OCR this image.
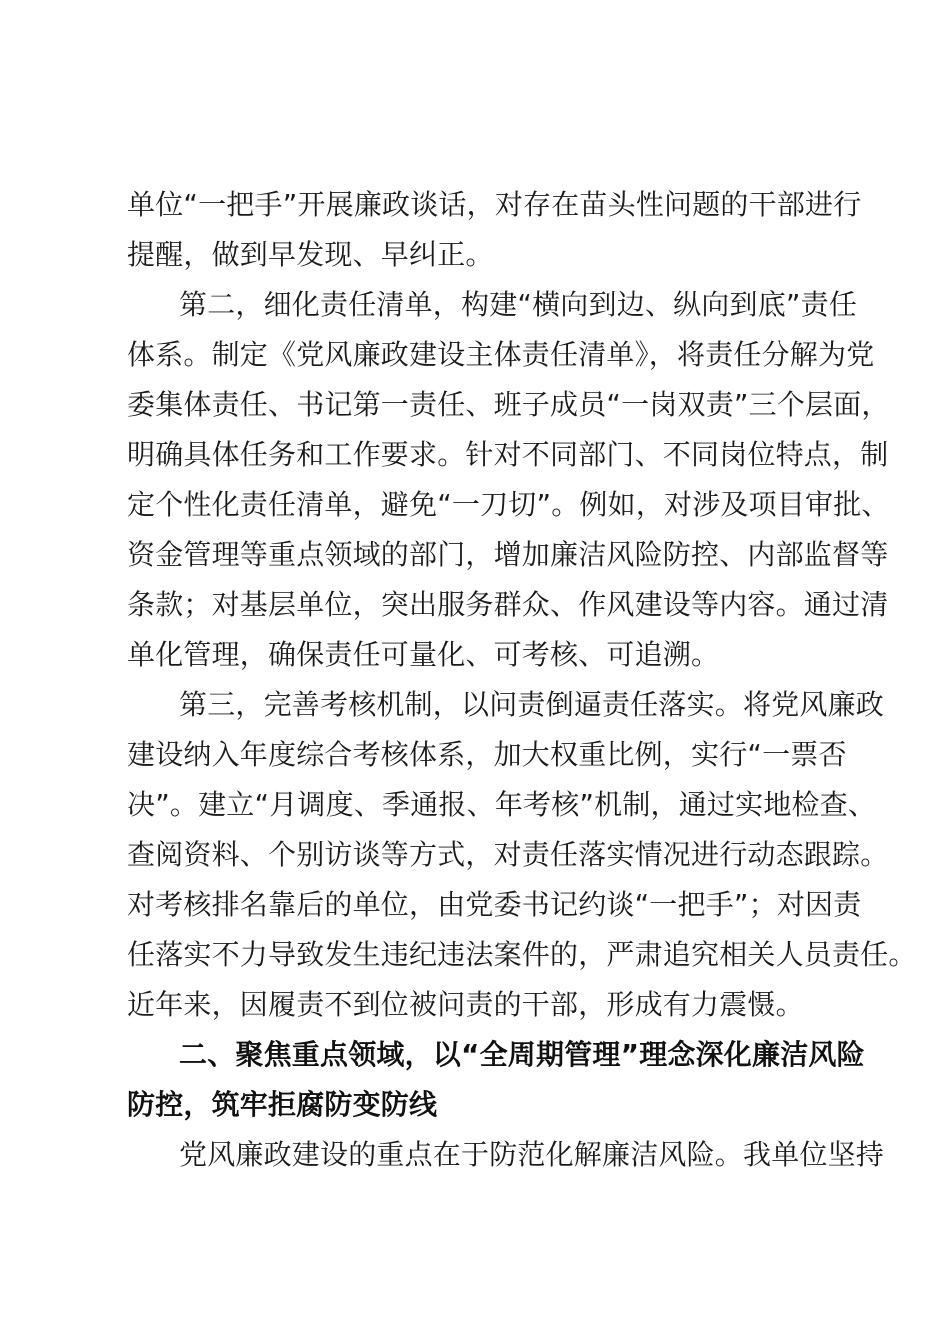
单位“一把手”开展廉政谈话，对存在苗头性问题的干部进行
提醒，做到早发现、早纠正。
第二，细化责任清单，构建“横向到边、纵向到底”责任
体系。制定《党风廉政建设主体责任清单》，将责任分解为党
委集体责任、书记第一责任、班子成员“一岗双责”三个层面，
明确具体任务和工作要求。针对不同部门、不同岗位特点，制
定个性化责任清单，避免“一刀切”。例如，对涉及项目审批、
资金管理等重点领域的部门，增加廉洁风险防控、内部监督等
条款；对基层单位，突出服务群众、作风建设等内容。通过清
单化管理，确保责任可量化、可考核、可追溯。
第三，完善考核机制，以问责倒逼责任落实。将党风廉政
建设纳入年度综合考核体系，加大权重比例，实行“一票否
决”。建立“月调度、季通报、年考核”机制，通过实地检查、
查阅资料、个别访谈等方式，对责任落实情况进行动态跟踪。
对考核排名靠后的单位，由党委书记约谈“一把手”；对因责
任落实不力导致发生违纪违法案件的，严肃追究相关人员责任。
近年来，因履责不到位被问责的干部，形成有力震慑。
二、聚焦重点领域，以“全周期管理”理念深化廉洁风险
防控，筑牢拒腐防变防线
党风廉政建设的重点在于防范化解廉洁风险。我单位坚持
